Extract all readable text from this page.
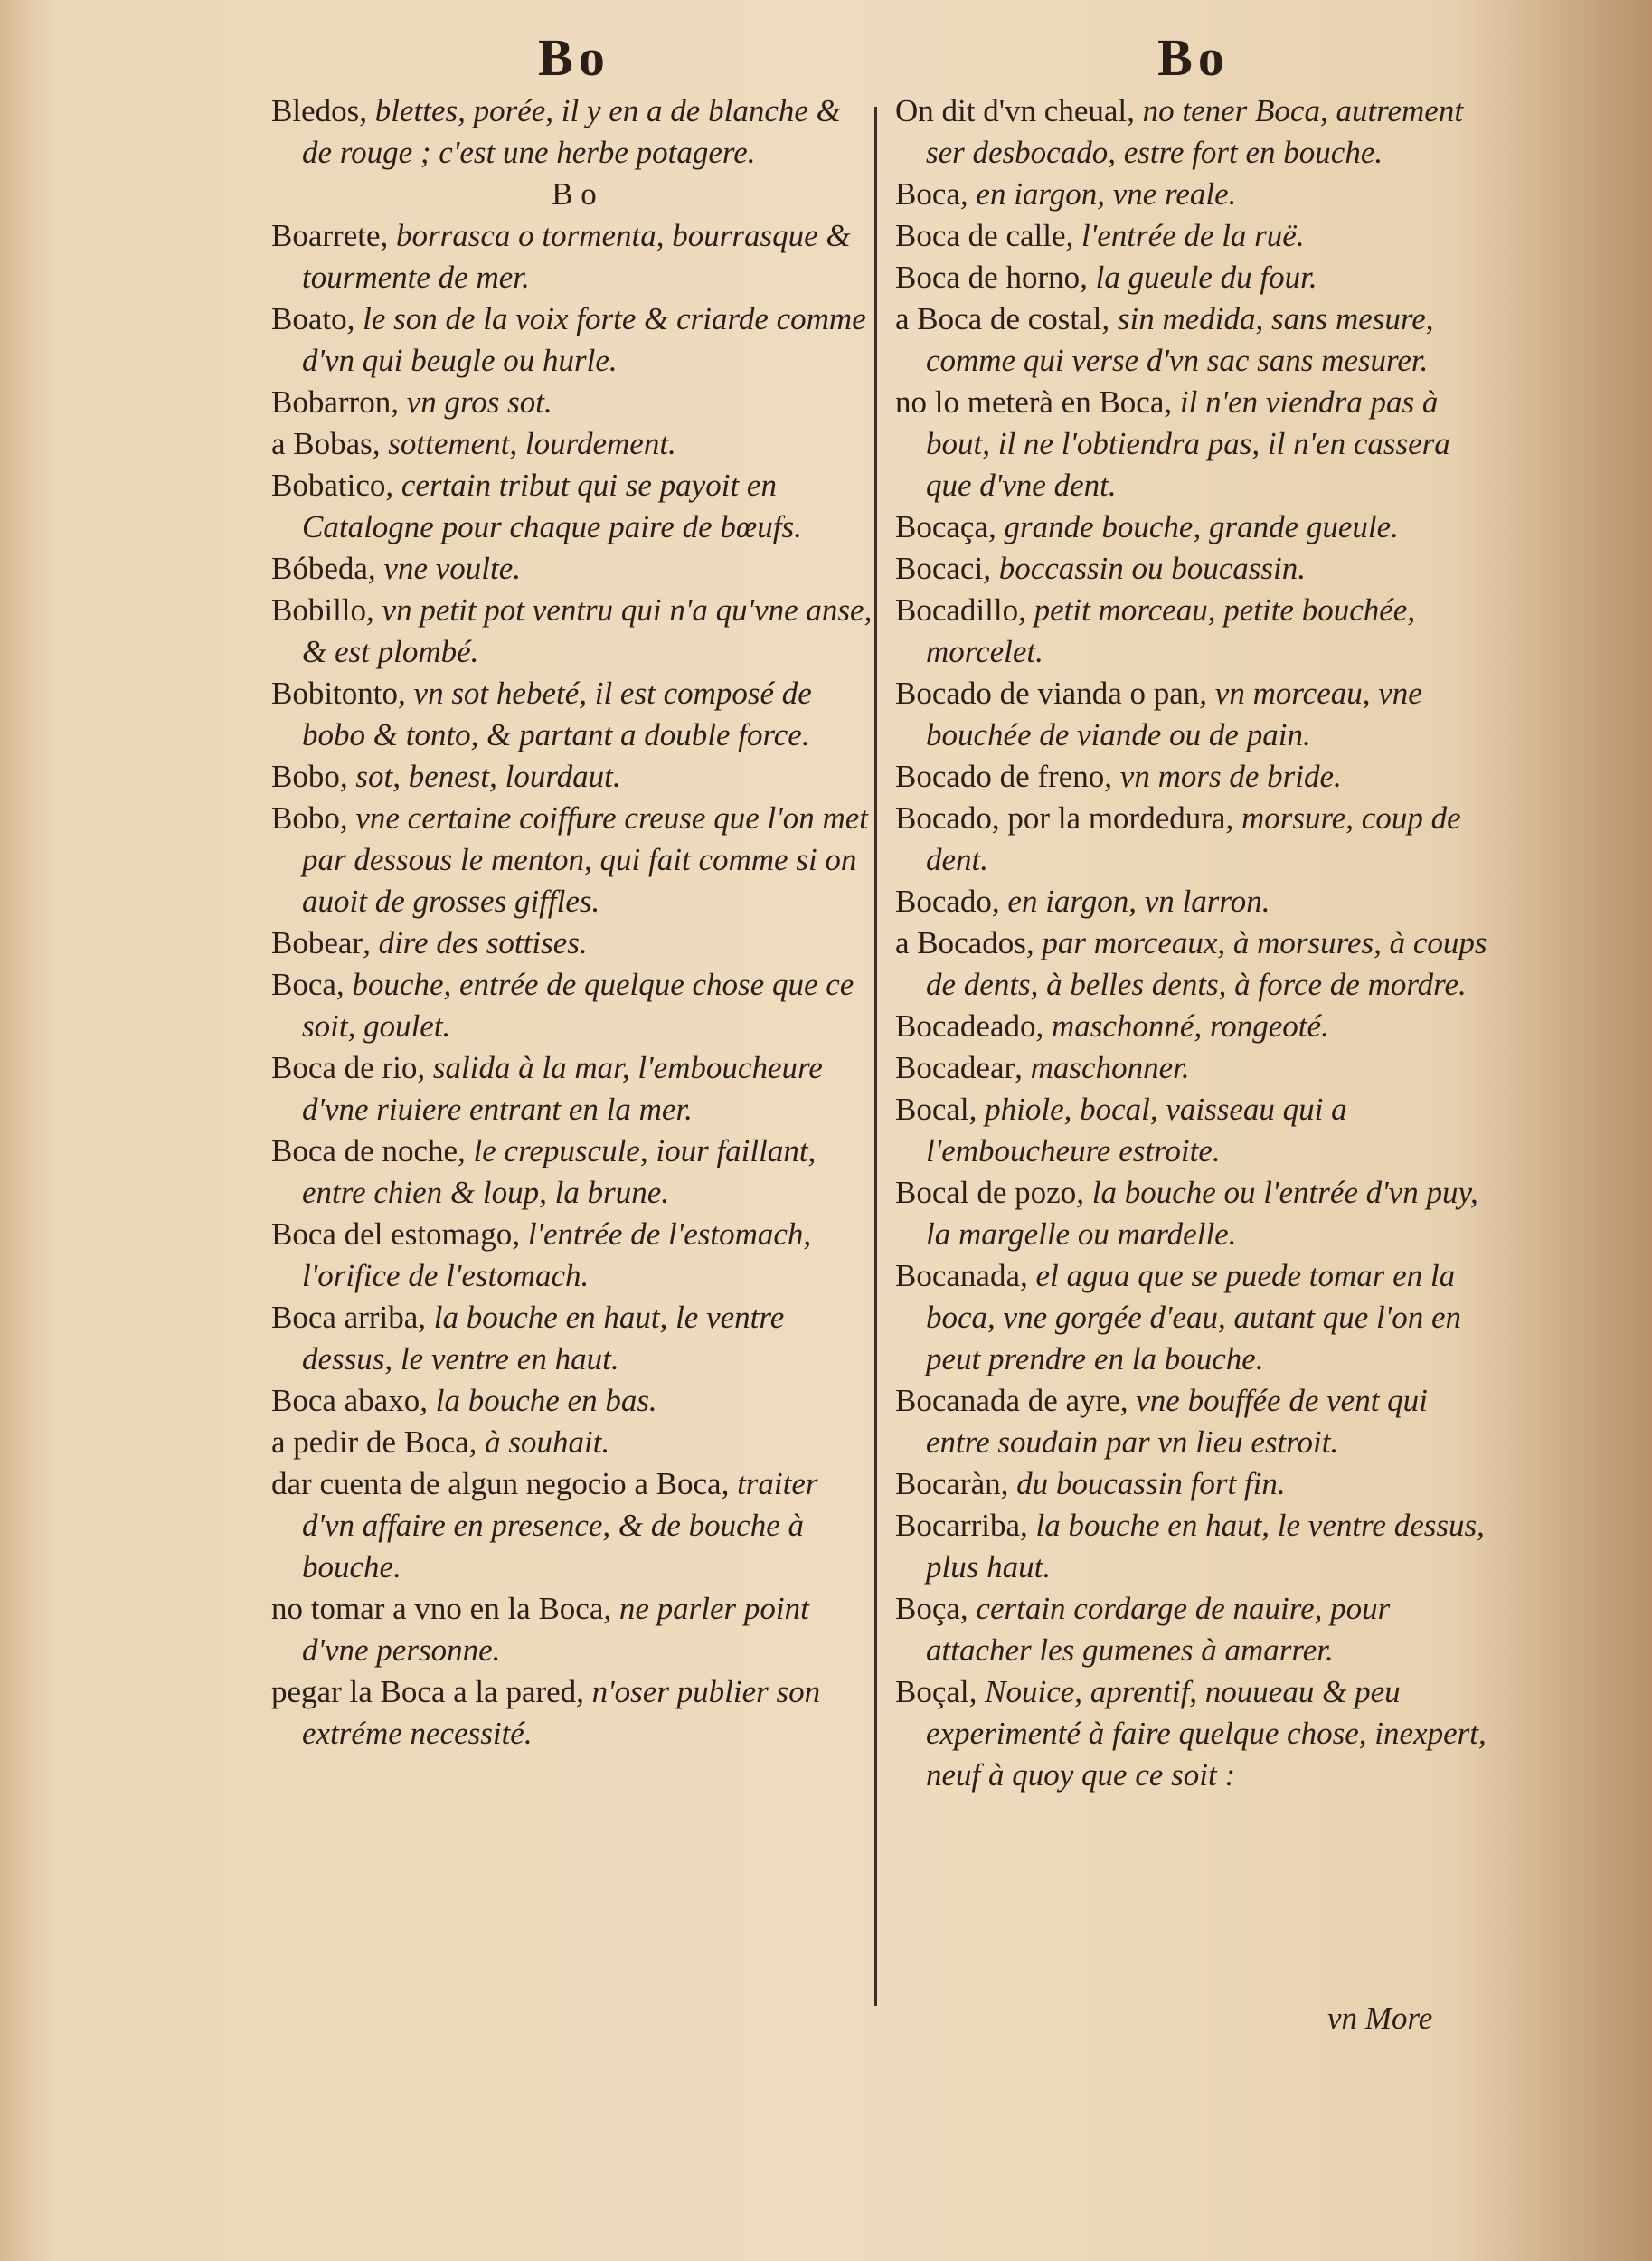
Bo

Bledos, blettes, porée, il y en a de blanche & de rouge ; c'est une herbe potagere.

B o

Boarrete, borrasca o tormenta, bourrasque & tourmente de mer.

Boato, le son de la voix forte & criarde comme d'vn qui beugle ou hurle.

Bobarron, vn gros sot.

a Bobas, sottement, lourdement.

Bobatico, certain tribut qui se payoit en Catalogne pour chaque paire de bœufs.

Bóbeda, vne voulte.

Bobillo, vn petit pot ventru qui n'a qu'vne anse, & est plombé.

Bobitonto, vn sot hebeté, il est composé de bobo & tonto, & partant a double force.

Bobo, sot, benest, lourdaut.

Bobo, vne certaine coiffure creuse que l'on met par dessous le menton, qui fait comme si on auoit de grosses giffles.

Bobear, dire des sottises.

Boca, bouche, entrée de quelque chose que ce soit, goulet.

Boca de rio, salida à la mar, l'embouchеure d'vne riuiere entrant en la mer.

Boca de noche, le crepuscule, iour faillant, entre chien & loup, la brune.

Boca del estomago, l'entrée de l'estomach, l'orifice de l'estomach.

Boca arriba, la bouche en haut, le ventre dessus, le ventre en haut.

Boca abaxo, la bouche en bas.

a pedir de Boca, à souhait.

dar cuenta de algun negocio a Boca, traiter d'vn affaire en presence, & de bouche à bouche.

no tomar a vno en la Boca, ne parler point d'vne personne.

pegar la Boca a la pared, n'oser publier son extréme necessité.

Bo

On dit d'vn cheual, no tener Boca, autrement ser desbocado, estre fort en bouche.

Boca, en iargon, vne reale.

Boca de calle, l'entrée de la ruë.

Boca de horno, la gueule du four.

a Boca de costal, sin medida, sans mesure, comme qui verse d'vn sac sans mesurer.

no lo meterà en Boca, il n'en viendra pas à bout, il ne l'obtiendra pas, il n'en cassera que d'vne dent.

Bocaça, grande bouche, grande gueule.

Bocaci, boccassin ou boucassin.

Bocadillo, petit morceau, petite bouchée, morcelet.

Bocado de vianda o pan, vn morceau, vne bouchée de viande ou de pain.

Bocado de freno, vn mors de bride.

Bocado, por la mordedura, morsure, coup de dent.

Bocado, en iargon, vn larron.

a Bocados, par morceaux, à morsures, à coups de dents, à belles dents, à force de mordre.

Bocadeado, maschonné, rongeoté.

Bocadear, maschonner.

Bocal, phiole, bocal, vaisseau qui a l'embouchеure estroite.

Bocal de pozo, la bouche ou l'entrée d'vn puy, la margelle ou mardelle.

Bocanada, el agua que se puede tomar en la boca, vne gorgée d'eau, autant que l'on en peut prendre en la bouche.

Bocanada de ayre, vne bouffée de vent qui entre soudain par vn lieu estroit.

Bocaràn, du boucassin fort fin.

Bocarriba, la bouche en haut, le ventre dessus, plus haut.

Boça, certain cordarge de nauire, pour attacher les gumenes à amarrer.

Boçal, Nouice, aprentif, nouueau & peu experimenté à faire quelque chose, inexpert, neuf à quoy que ce soit :

vn More
